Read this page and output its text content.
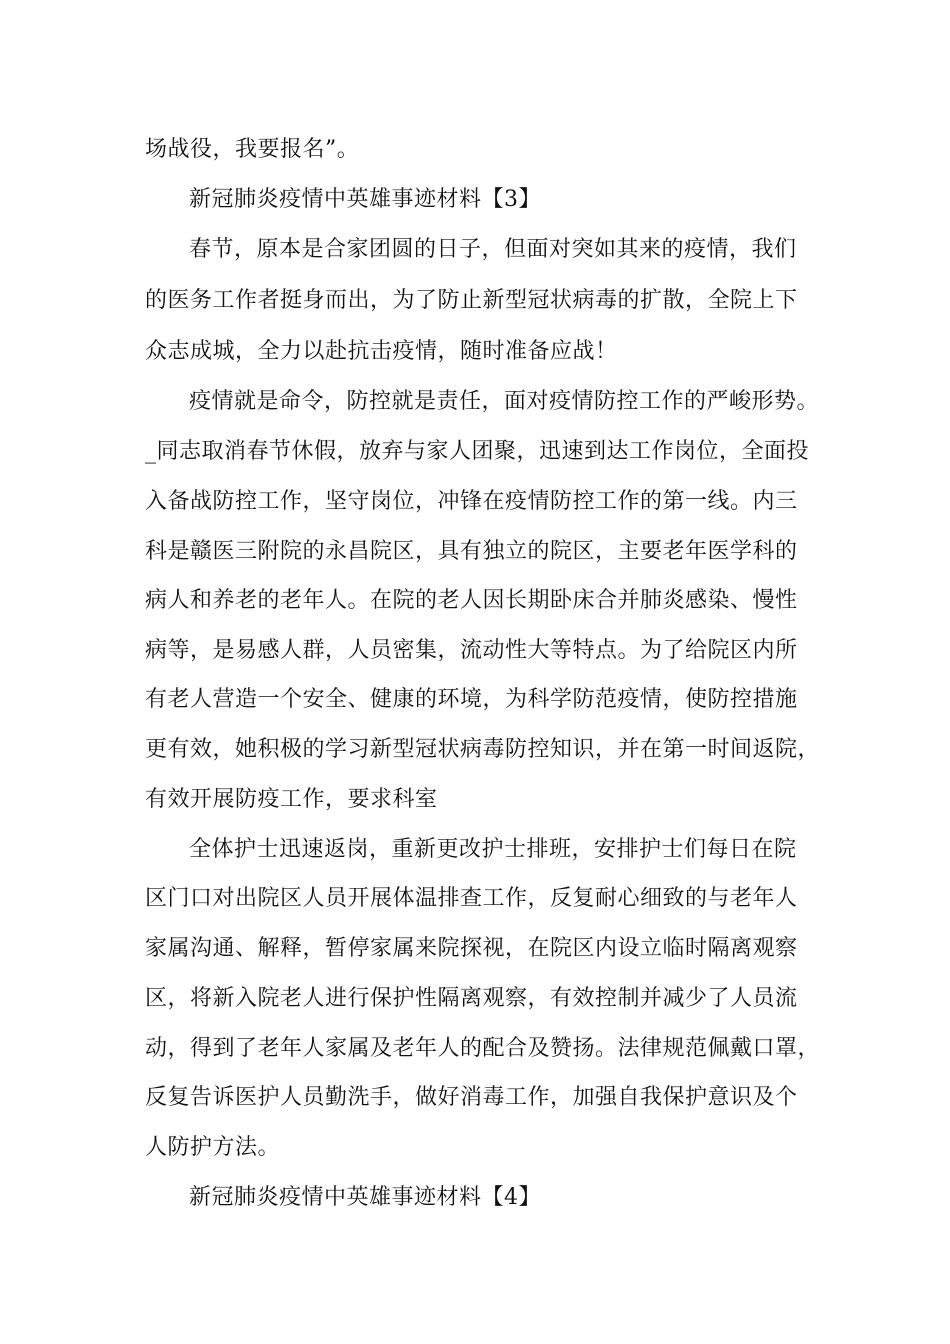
场战役，我要报名”。
新冠肺炎疫情中英雄事迹材料【3】
春节，原本是合家团圆的日子，但面对突如其来的疫情，我们
的医务工作者挺身而出，为了防止新型冠状病毒的扩散，全院上下
众志成城，全力以赴抗击疫情，随时准备应战！
疫情就是命令，防控就是责任，面对疫情防控工作的严峻形势。
_同志取消春节休假，放弃与家人团聚，迅速到达工作岗位，全面投
入备战防控工作，坚守岗位，冲锋在疫情防控工作的第一线。内三
科是赣医三附院的永昌院区，具有独立的院区，主要老年医学科的
病人和养老的老年人。在院的老人因长期卧床合并肺炎感染、慢性
病等，是易感人群，人员密集，流动性大等特点。为了给院区内所
有老人营造一个安全、健康的环境，为科学防范疫情，使防控措施
更有效，她积极的学习新型冠状病毒防控知识，并在第一时间返院，
有效开展防疫工作，要求科室
全体护士迅速返岗，重新更改护士排班，安排护士们每日在院
区门口对出院区人员开展体温排查工作，反复耐心细致的与老年人
家属沟通、解释，暂停家属来院探视，在院区内设立临时隔离观察
区，将新入院老人进行保护性隔离观察，有效控制并减少了人员流
动，得到了老年人家属及老年人的配合及赞扬。法律规范佩戴口罩，
反复告诉医护人员勤洗手，做好消毒工作，加强自我保护意识及个
人防护方法。
新冠肺炎疫情中英雄事迹材料【4】
